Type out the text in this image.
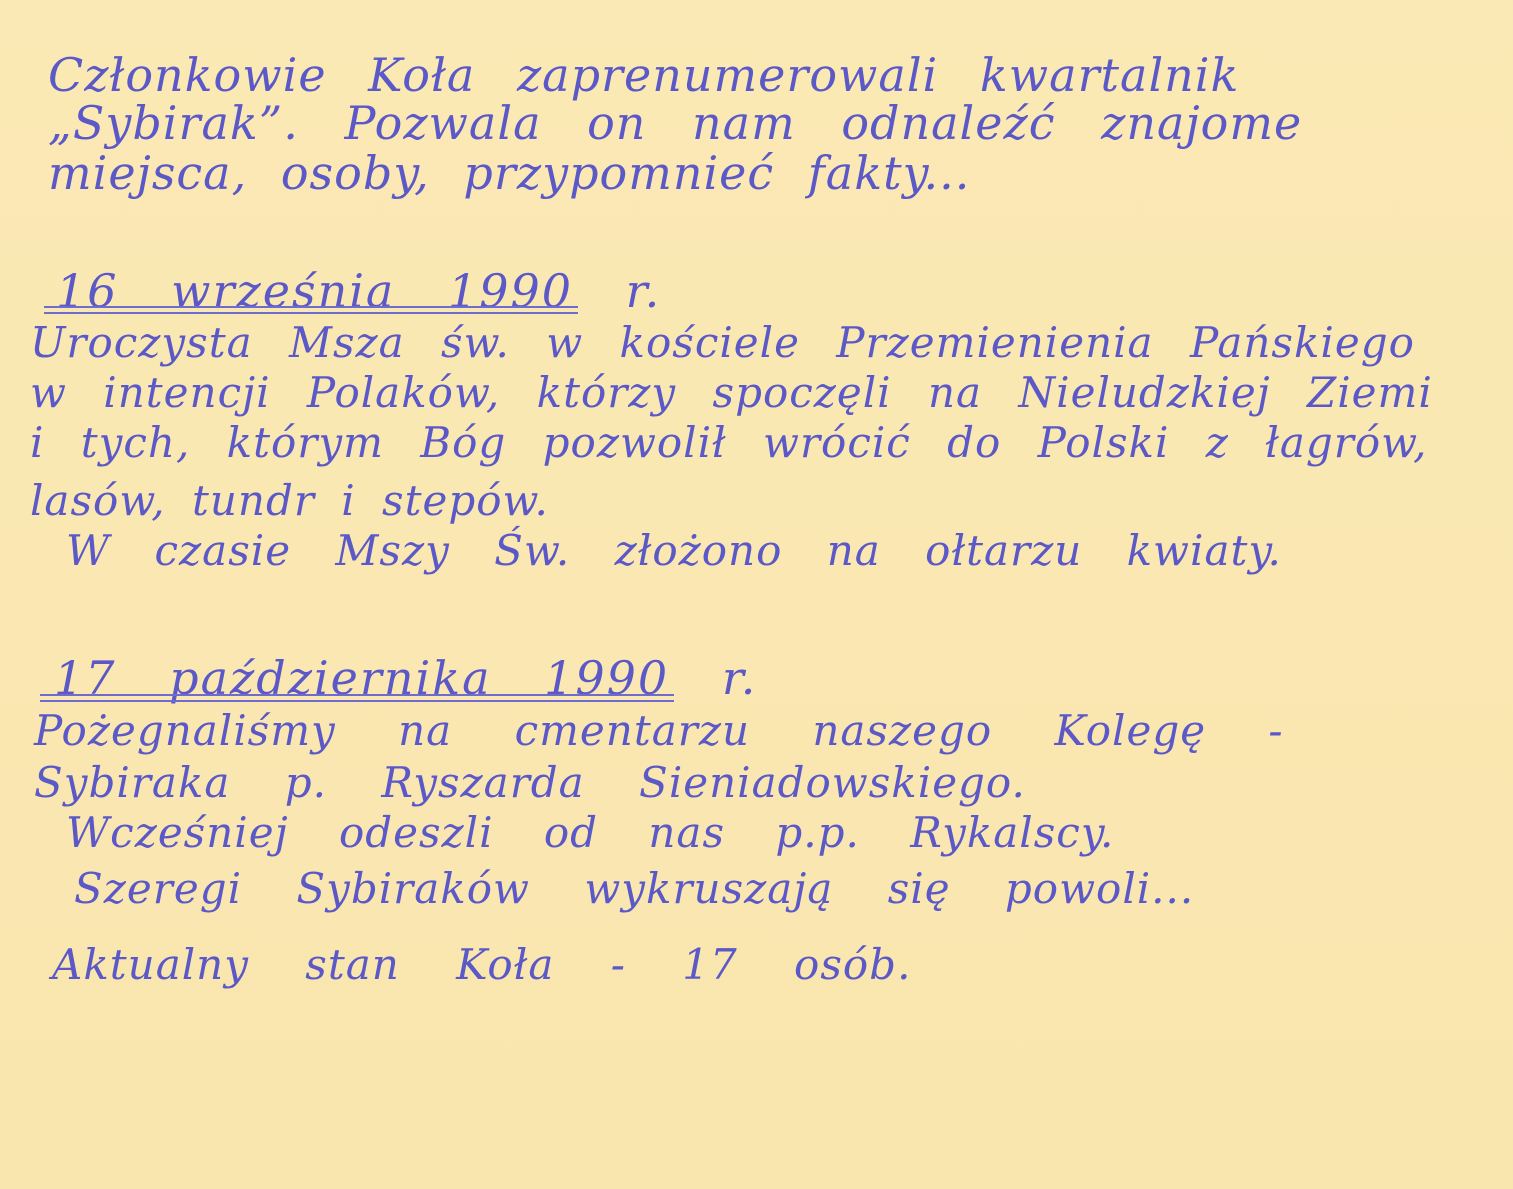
Członkowie Koła zaprenumerowali kwartalnik
„Sybirak”. Pozwala on nam odnaleźć znajome
miejsca, osoby, przypomnieć fakty...
16 września 1990 r.
Uroczysta Msza św. w kościele Przemienienia Pańskiego
w intencji Polaków, którzy spoczęli na Nieludzkiej Ziemi
i tych, którym Bóg pozwolił wrócić do Polski z łagrów,
lasów, tundr i stepów.
W czasie Mszy Św. złożono na ołtarzu kwiaty.
17 października 1990 r.
Pożegnaliśmy na cmentarzu naszego Kolegę -
Sybiraka p. Ryszarda Sieniadowskiego.
Wcześniej odeszli od nas p.p. Rykalscy.
Szeregi Sybiraków wykruszają się powoli...
Aktualny stan Koła - 17 osób.
